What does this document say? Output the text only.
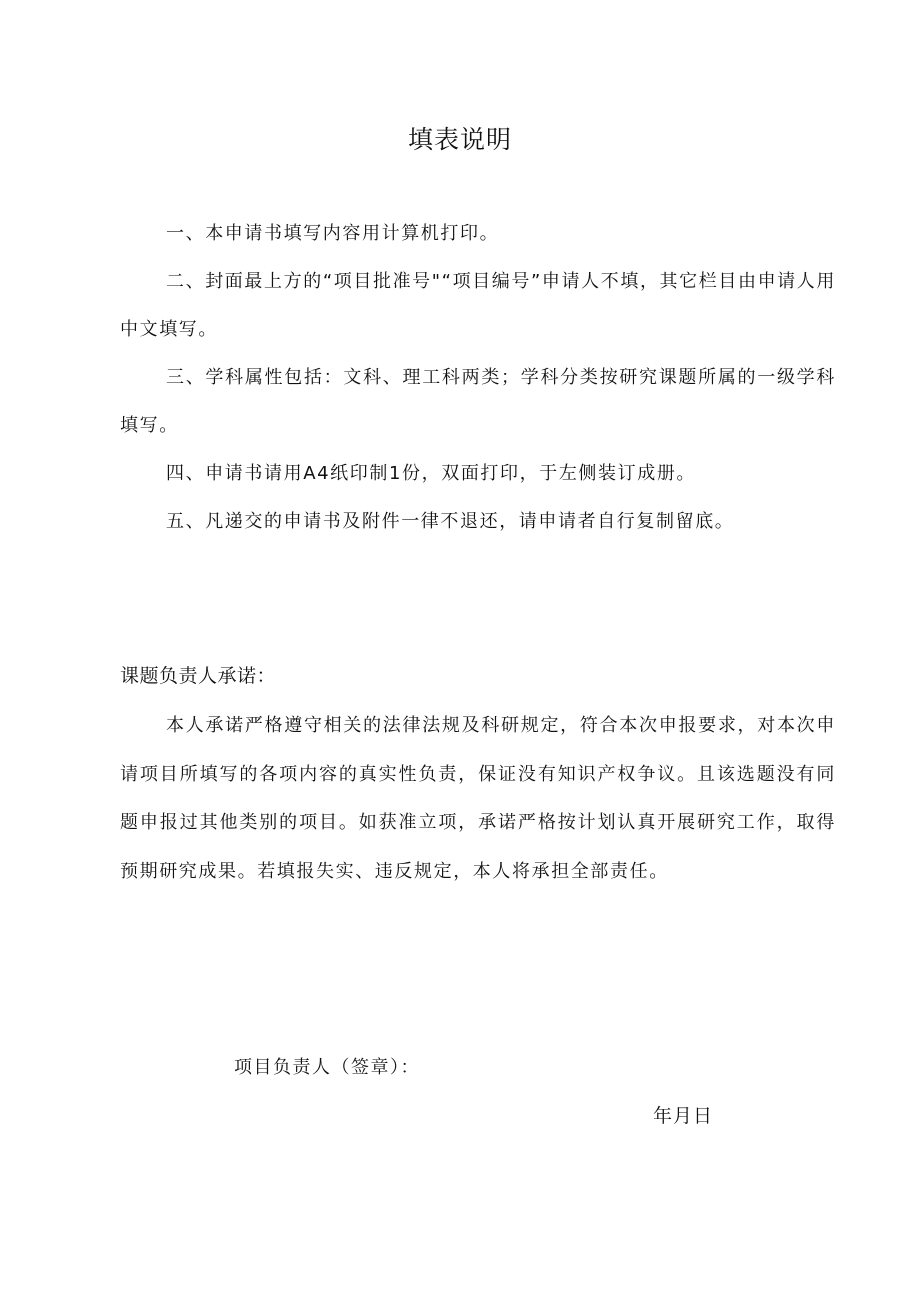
填表说明

一、本申请书填写内容用计算机打印。

二、封面最上方的“项目批准号"“项目编号”申请人不填，其它栏目由申请人用中文填写。

三、学科属性包括：文科、理工科两类；学科分类按研究课题所属的一级学科填写。

四、申请书请用A4纸印制1份，双面打印，于左侧装订成册。

五、凡递交的申请书及附件一律不退还，请申请者自行复制留底。

课题负责人承诺：

本人承诺严格遵守相关的法律法规及科研规定，符合本次申报要求，对本次申请项目所填写的各项内容的真实性负责，保证没有知识产权争议。且该选题没有同题申报过其他类别的项目。如获准立项，承诺严格按计划认真开展研究工作，取得预期研究成果。若填报失实、违反规定，本人将承担全部责任。

项目负责人（签章）：
年月日
